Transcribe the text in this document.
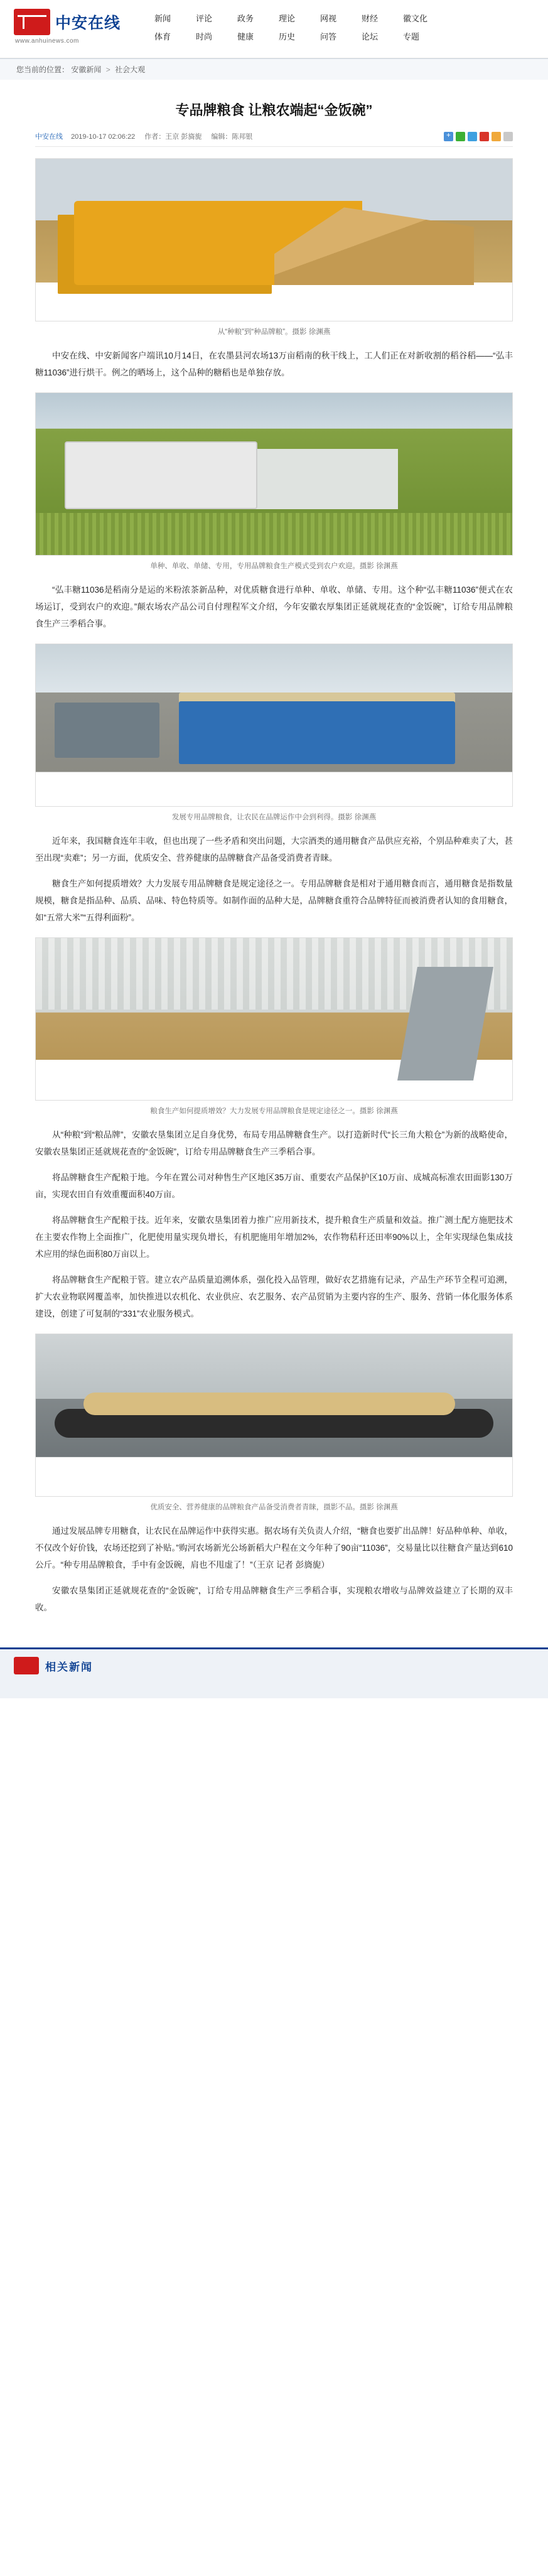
中安在线
www.anhuinews.com
新闻	评论	政务	理论	网视	财经	徽文化
体育	时尚	健康	历史	问答	论坛	专题
您当前的位置： 安徽新闻 > 社会大观
专品牌粮食 让粮农端起“金饭碗”
中安在线 2019-10-17 02:06:22 作者：王京 彭旖旎 编辑：陈邦银
+
从“种粮”到“种品牌粮”。摄影 徐渊燕

中安在线、中安新闻客户端讯10月14日，在农墨县河农场13万亩稻南的秋干线上，工人们正在对新收割的稻谷稻——“弘丰糖11036”进行烘干。例之的晒场上，这个品种的糖稻也是单独存放。

单种、单收、单储、专用，专用品牌粮食生产模式受到农户欢迎。摄影 徐渊燕

“弘丰糖11036是稻南分是运的米粉浓茶新品种，对优质糖食进行单种、单收、单储、专用。这个种“弘丰糖11036”便式在农场运订，受到农户的欢迎。”颠农场农产品公司自付理程军文介绍，今年安徽农厚集团正延就规花查的“金饭碗”，订给专用品牌粮食生产三季稻合事。

发展专用品牌粮食，让农民在品牌运作中会到利得。摄影 徐渊燕

近年来，我国糖食连年丰收，但也出现了一些矛盾和突出问题，大宗酒类的通用糖食产品供应充裕，个别品种难卖了大，甚至出现“卖难”；另一方面，优质安全、营养健康的品牌糖食产品备受消费者青睐。

糖食生产如何提质增效？大力发展专用品牌糖食是规定途径之一。专用品牌糖食是相对于通用糖食而言，通用糖食是指数量规模，糖食是指品种、品质、品味、特色特质等。如制作面的品种大是，品牌糖食重符合品牌特征而被消费者认知的食用糖食，如“五常大米”“五得利面粉”。

粮食生产如何提质增效？大力发展专用品牌粮食是规定途径之一。摄影 徐渊燕

从“种粮”到“粮品牌”，安徽农垦集团立足自身优势，布局专用品牌糖食生产。以打造新时代“长三角大粮仓”为新的战略使命，安徽农垦集团正延就规花查的“金饭碗”，订给专用品牌糖食生产三季稻合事。

将品牌糖食生产配粮于地。今年在置公司对种售生产区地区35万亩、重要农产品保护区10万亩、成城高标准农田面影130万亩，实现农田自有效重覆面积40万亩。

将品牌糖食生产配粮于技。近年来，安徽农垦集团着力推广应用新技术，提升粮食生产质量和效益。推广测土配方施肥技术在主要农作物上全面推广，化肥使用量实现负增长，有机肥施用年增加2%，农作物秸秆还田率90%以上，全年实现绿色集成技术应用的绿色面积80万亩以上。

将品牌糖食生产配粮于管。建立农产品质量追溯体系，强化投入品管理，做好农艺措施有记录，产品生产环节全程可追溯，扩大农业物联网覆盖率，加快推进以农机化、农业供应、农艺服务、农产品贸销为主要内容的生产、服务、营销一体化服务体系建设，创建了可复制的“331”农业服务模式。

优质安全、营养健康的品牌粮食产品备受消费者青睐，摄影不品。摄影 徐渊燕

通过发展品牌专用糖食，让农民在品牌运作中获得实惠。据农场有关负责人介绍，“糖食也要扩出品牌！好品种单种、单收，不仅改个好价钱，农场还挖到了补贴。”购河农场新光公场新稻大户程在文今年种了90亩“11036”，交易量比以往糖食产量达到610公斤。“种专用品牌粮食，手中有金饭碗，肩也不甩虚了！”（王京 记者 彭旖旎）

安徽农垦集团正延就规花查的“金饭碗”，订给专用品牌糖食生产三季稻合事，实现粮农增收与品牌效益建立了长期的双丰收。

相关新闻
